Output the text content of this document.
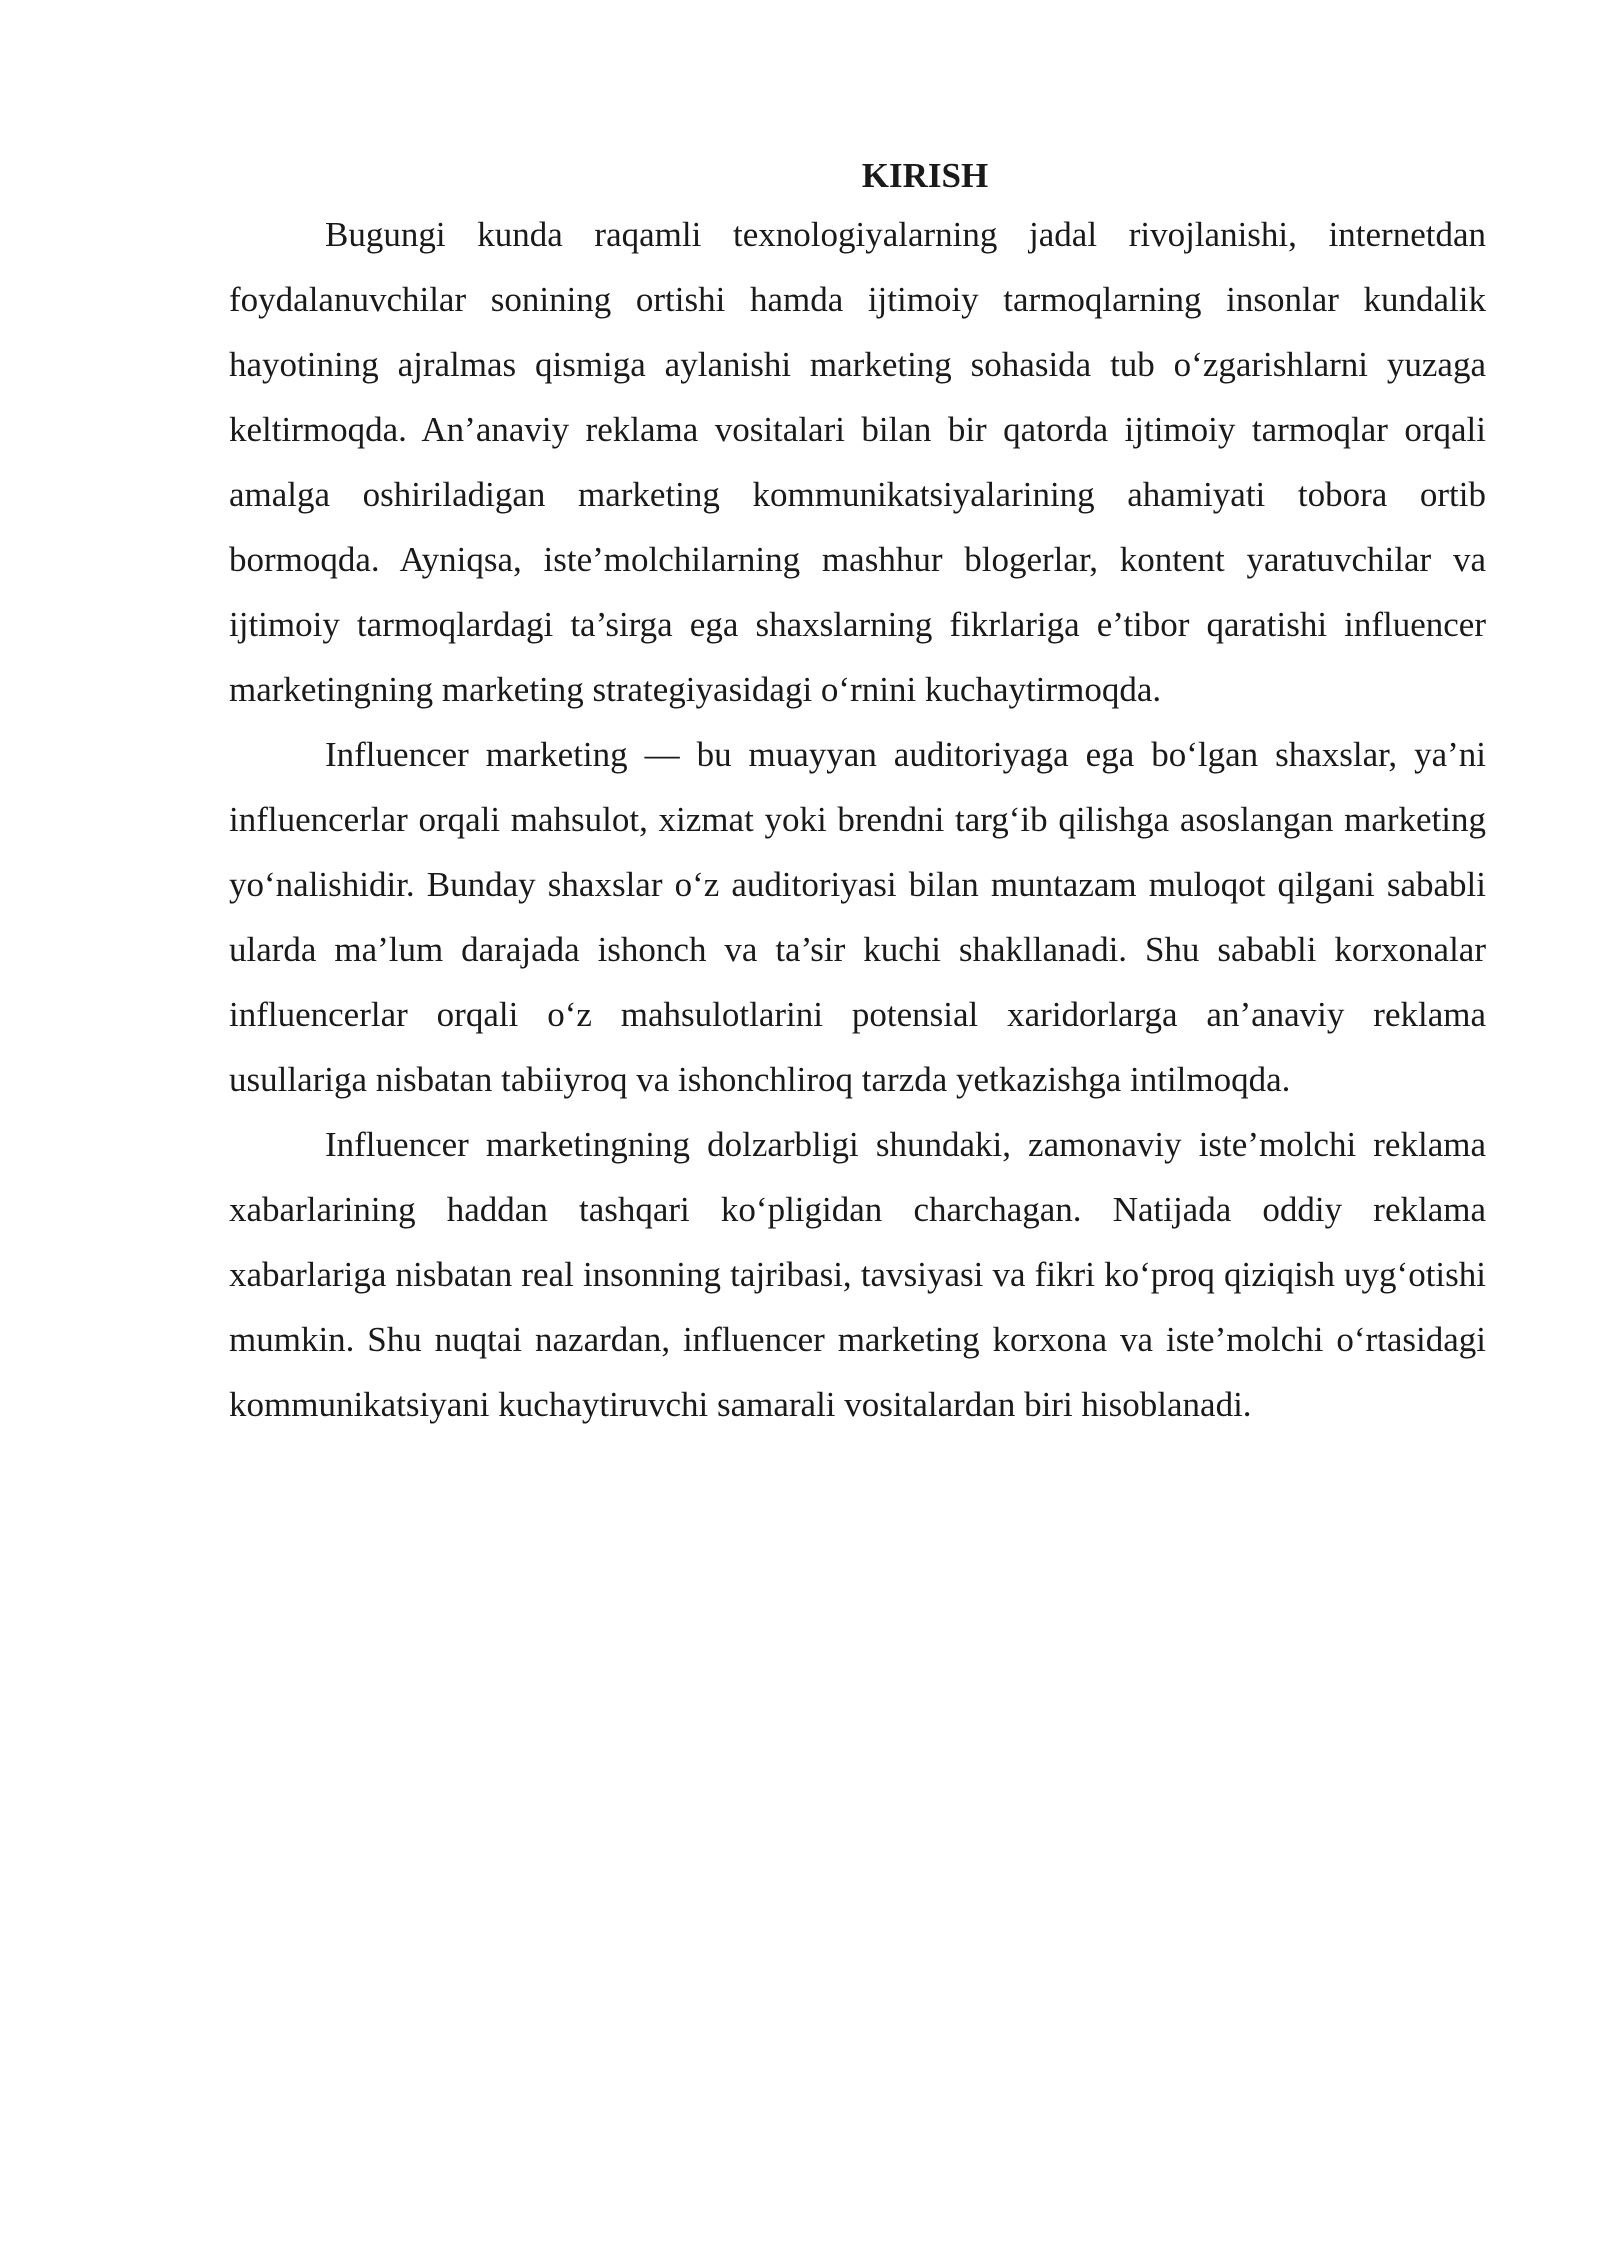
KIRISH

Bugungi kunda raqamli texnologiyalarning jadal rivojlanishi, internetdan foydalanuvchilar sonining ortishi hamda ijtimoiy tarmoqlarning insonlar kundalik hayotining ajralmas qismiga aylanishi marketing sohasida tub o‘zgarishlarni yuzaga keltirmoqda. An’anaviy reklama vositalari bilan bir qatorda ijtimoiy tarmoqlar orqali amalga oshiriladigan marketing kommunikatsiyalarining ahamiyati tobora ortib bormoqda. Ayniqsa, iste’molchilarning mashhur blogerlar, kontent yaratuvchilar va ijtimoiy tarmoqlardagi ta’sirga ega shaxslarning fikrlariga e’tibor qaratishi influencer marketingning marketing strategiyasidagi o‘rnini kuchaytirmoqda.

Influencer marketing — bu muayyan auditoriyaga ega bo‘lgan shaxslar, ya’ni influencerlar orqali mahsulot, xizmat yoki brendni targ‘ib qilishga asoslangan marketing yo‘nalishidir. Bunday shaxslar o‘z auditoriyasi bilan muntazam muloqot qilgani sababli ularda ma’lum darajada ishonch va ta’sir kuchi shakllanadi. Shu sababli korxonalar influencerlar orqali o‘z mahsulotlarini potensial xaridorlarga an’anaviy reklama usullariga nisbatan tabiiyroq va ishonchliroq tarzda yetkazishga intilmoqda.

Influencer marketingning dolzarbligi shundaki, zamonaviy iste’molchi reklama xabarlarining haddan tashqari ko‘pligidan charchagan. Natijada oddiy reklama xabarlariga nisbatan real insonning tajribasi, tavsiyasi va fikri ko‘proq qiziqish uyg‘otishi mumkin. Shu nuqtai nazardan, influencer marketing korxona va iste’molchi o‘rtasidagi kommunikatsiyani kuchaytiruvchi samarali vositalardan biri hisoblanadi.
